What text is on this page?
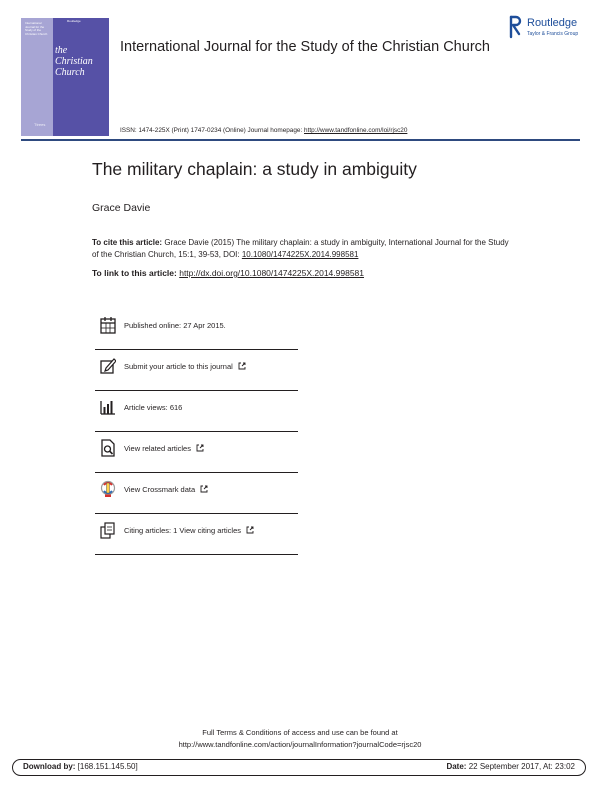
International Journal for the Study of the Christian Church
Ttrees
Routledge
the
Christian
Church
International Journal for the Study of the Christian Church
Routledge
Taylor & Francis Group
ISSN: 1474-225X (Print) 1747-0234 (Online) Journal homepage: http://www.tandfonline.com/loi/rjsc20
The military chaplain: a study in ambiguity
Grace Davie
To cite this article: Grace Davie (2015) The military chaplain: a study in ambiguity, International Journal for the Study of the Christian Church, 15:1, 39-53, DOI: 10.1080/1474225X.2014.998581
To link to this article: http://dx.doi.org/10.1080/1474225X.2014.998581
Published online: 27 Apr 2015.
Submit your article to this journal
Article views: 616
View related articles
View Crossmark data
Citing articles: 1 View citing articles
Full Terms & Conditions of access and use can be found at
http://www.tandfonline.com/action/journalInformation?journalCode=rjsc20
Download by: [168.151.145.50]	Date: 22 September 2017, At: 23:02
